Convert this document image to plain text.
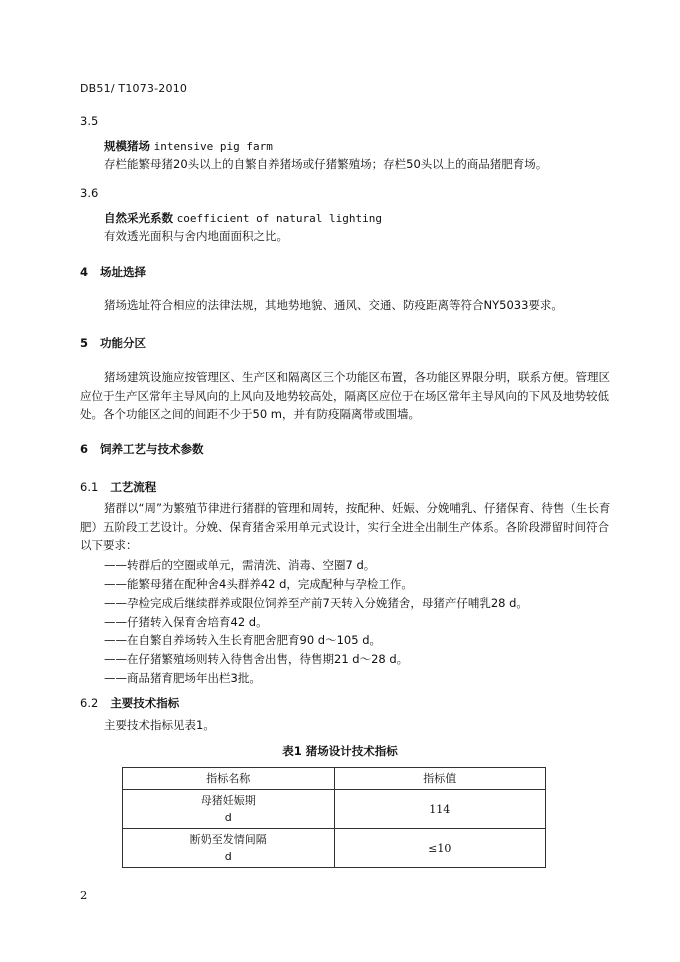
DB51/ T1073-2010
3.5
规模猪场 intensive pig farm
存栏能繁母猪20头以上的自繁自养猪场或仔猪繁殖场；存栏50头以上的商品猪肥育场。
3.6
自然采光系数 coefficient of natural lighting
有效透光面积与舍内地面面积之比。
4 场址选择
猪场选址符合相应的法律法规，其地势地貌、通风、交通、防疫距离等符合NY5033要求。
5 功能分区
猪场建筑设施应按管理区、生产区和隔离区三个功能区布置，各功能区界限分明，联系方便。管理区应位于生产区常年主导风向的上风向及地势较高处，隔离区应位于在场区常年主导风向的下风及地势较低处。各个功能区之间的间距不少于50 m，并有防疫隔离带或围墙。
6 饲养工艺与技术参数
6.1 工艺流程
猪群以“周”为繁殖节律进行猪群的管理和周转，按配种、妊娠、分娩哺乳、仔猪保育、待售（生长育肥）五阶段工艺设计。分娩、保育猪舍采用单元式设计，实行全进全出制生产体系。各阶段滞留时间符合以下要求：
——转群后的空圈或单元，需清洗、消毒、空圈7 d。
——能繁母猪在配种舍4头群养42 d，完成配种与孕检工作。
——孕检完成后继续群养或限位饲养至产前7天转入分娩猪舍，母猪产仔哺乳28 d。
——仔猪转入保育舍培育42 d。
——在自繁自养场转入生长育肥舍肥育90 d～105 d。
——在仔猪繁殖场则转入待售舍出售，待售期21 d～28 d。
——商品猪育肥场年出栏3批。
6.2 主要技术指标
主要技术指标见表1。
表1 猪场设计技术指标
指标名称	指标值

母猪妊娠期
d	114

断奶至发情间隔
d	≤10
2
